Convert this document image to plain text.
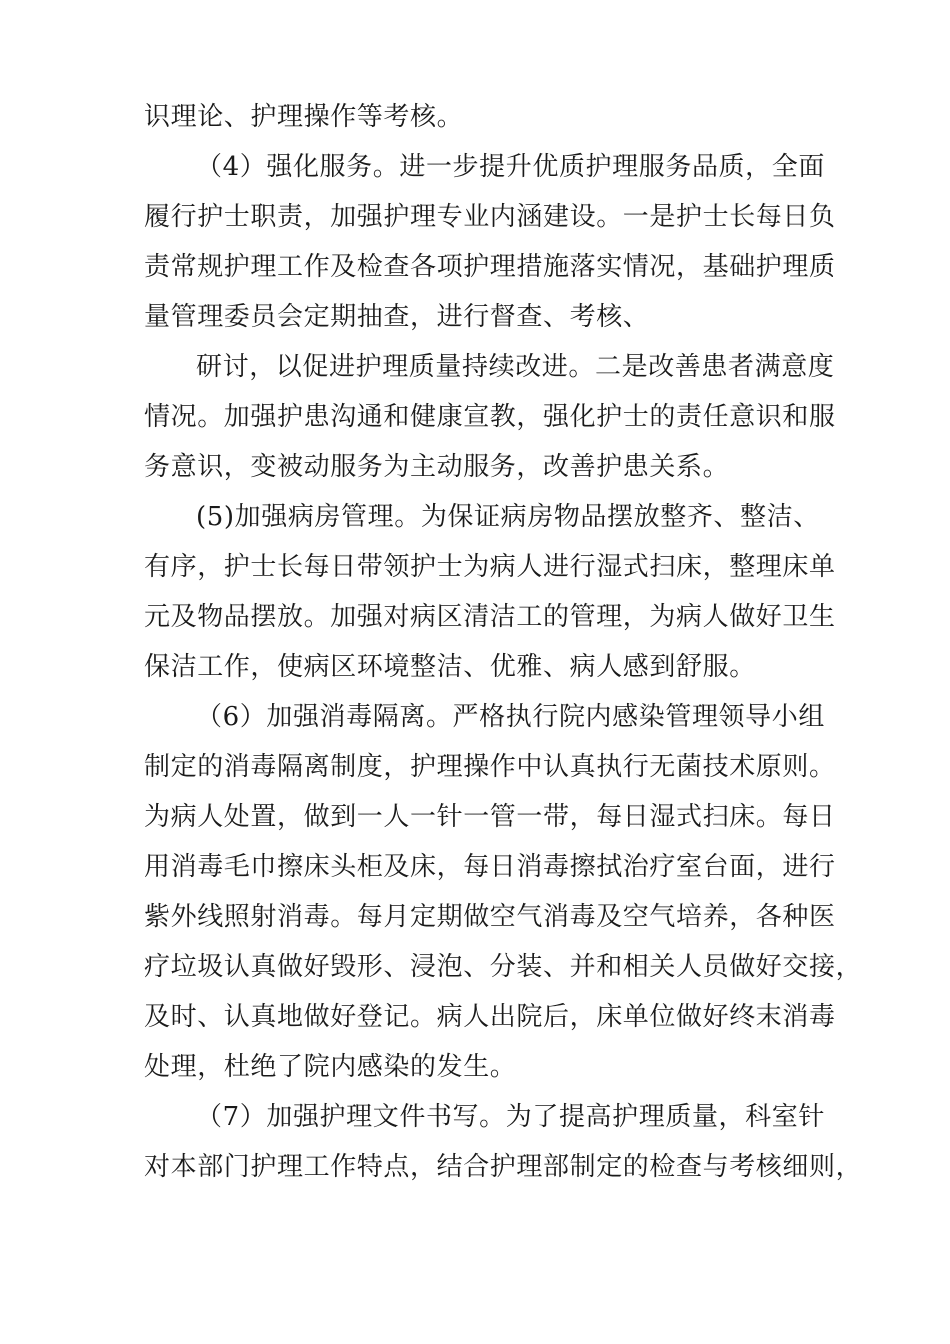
识理论、护理操作等考核。
（4）强化服务。进一步提升优质护理服务品质，全面
履行护士职责，加强护理专业内涵建设。一是护士长每日负
责常规护理工作及检查各项护理措施落实情况，基础护理质
量管理委员会定期抽查，进行督查、考核、
研讨，以促进护理质量持续改进。二是改善患者满意度
情况。加强护患沟通和健康宣教，强化护士的责任意识和服
务意识，变被动服务为主动服务，改善护患关系。
(5)加强病房管理。为保证病房物品摆放整齐、整洁、
有序，护士长每日带领护士为病人进行湿式扫床，整理床单
元及物品摆放。加强对病区清洁工的管理，为病人做好卫生
保洁工作，使病区环境整洁、优雅、病人感到舒服。
（6）加强消毒隔离。严格执行院内感染管理领导小组
制定的消毒隔离制度，护理操作中认真执行无菌技术原则。
为病人处置，做到一人一针一管一带，每日湿式扫床。每日
用消毒毛巾擦床头柜及床，每日消毒擦拭治疗室台面，进行
紫外线照射消毒。每月定期做空气消毒及空气培养，各种医
疗垃圾认真做好毁形、浸泡、分装、并和相关人员做好交接，
及时、认真地做好登记。病人出院后，床单位做好终末消毒
处理，杜绝了院内感染的发生。
（7）加强护理文件书写。为了提高护理质量，科室针
对本部门护理工作特点，结合护理部制定的检查与考核细则，
